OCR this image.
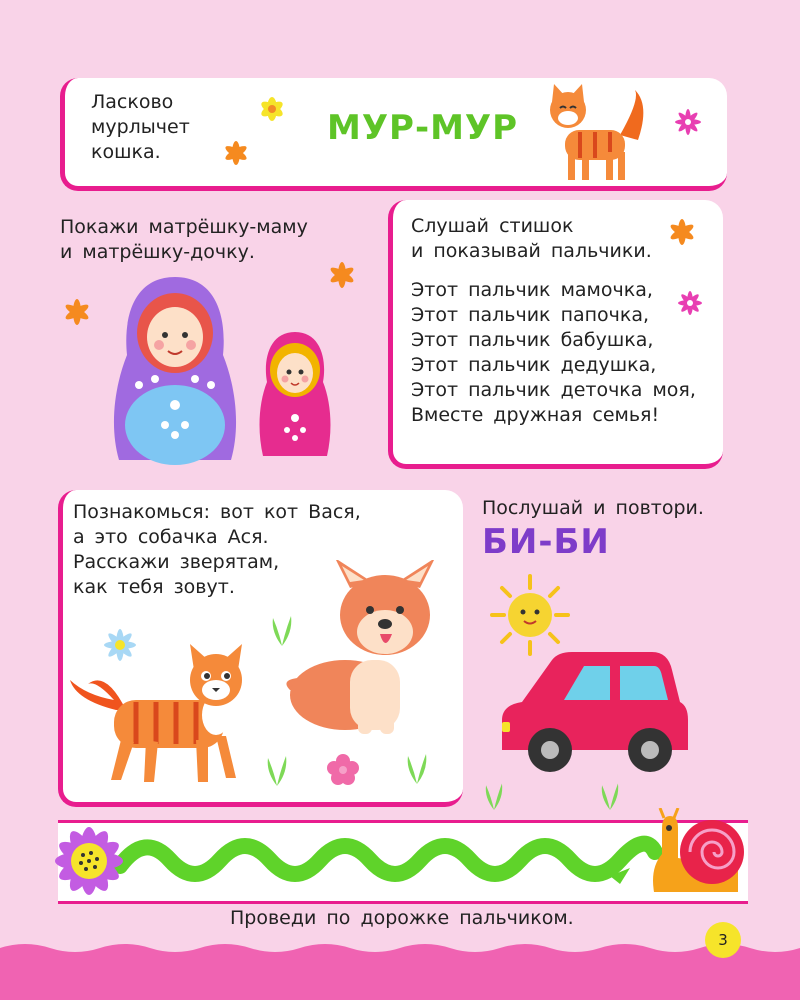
Ласково
мурлычет
кошка.
МУР-МУР
Покажи матрёшку-маму
и матрёшку-дочку.
Слушай стишок
и показывай пальчики.
Этот пальчик мамочка,
Этот пальчик папочка,
Этот пальчик бабушка,
Этот пальчик дедушка,
Этот пальчик деточка моя,
Вместе дружная семья!
Познакомься: вот кот Вася,
а это собачка Ася.
Расскажи зверятам,
как тебя зовут.
Послушай и повтори.
БИ-БИ
Проведи по дорожке пальчиком.
3
